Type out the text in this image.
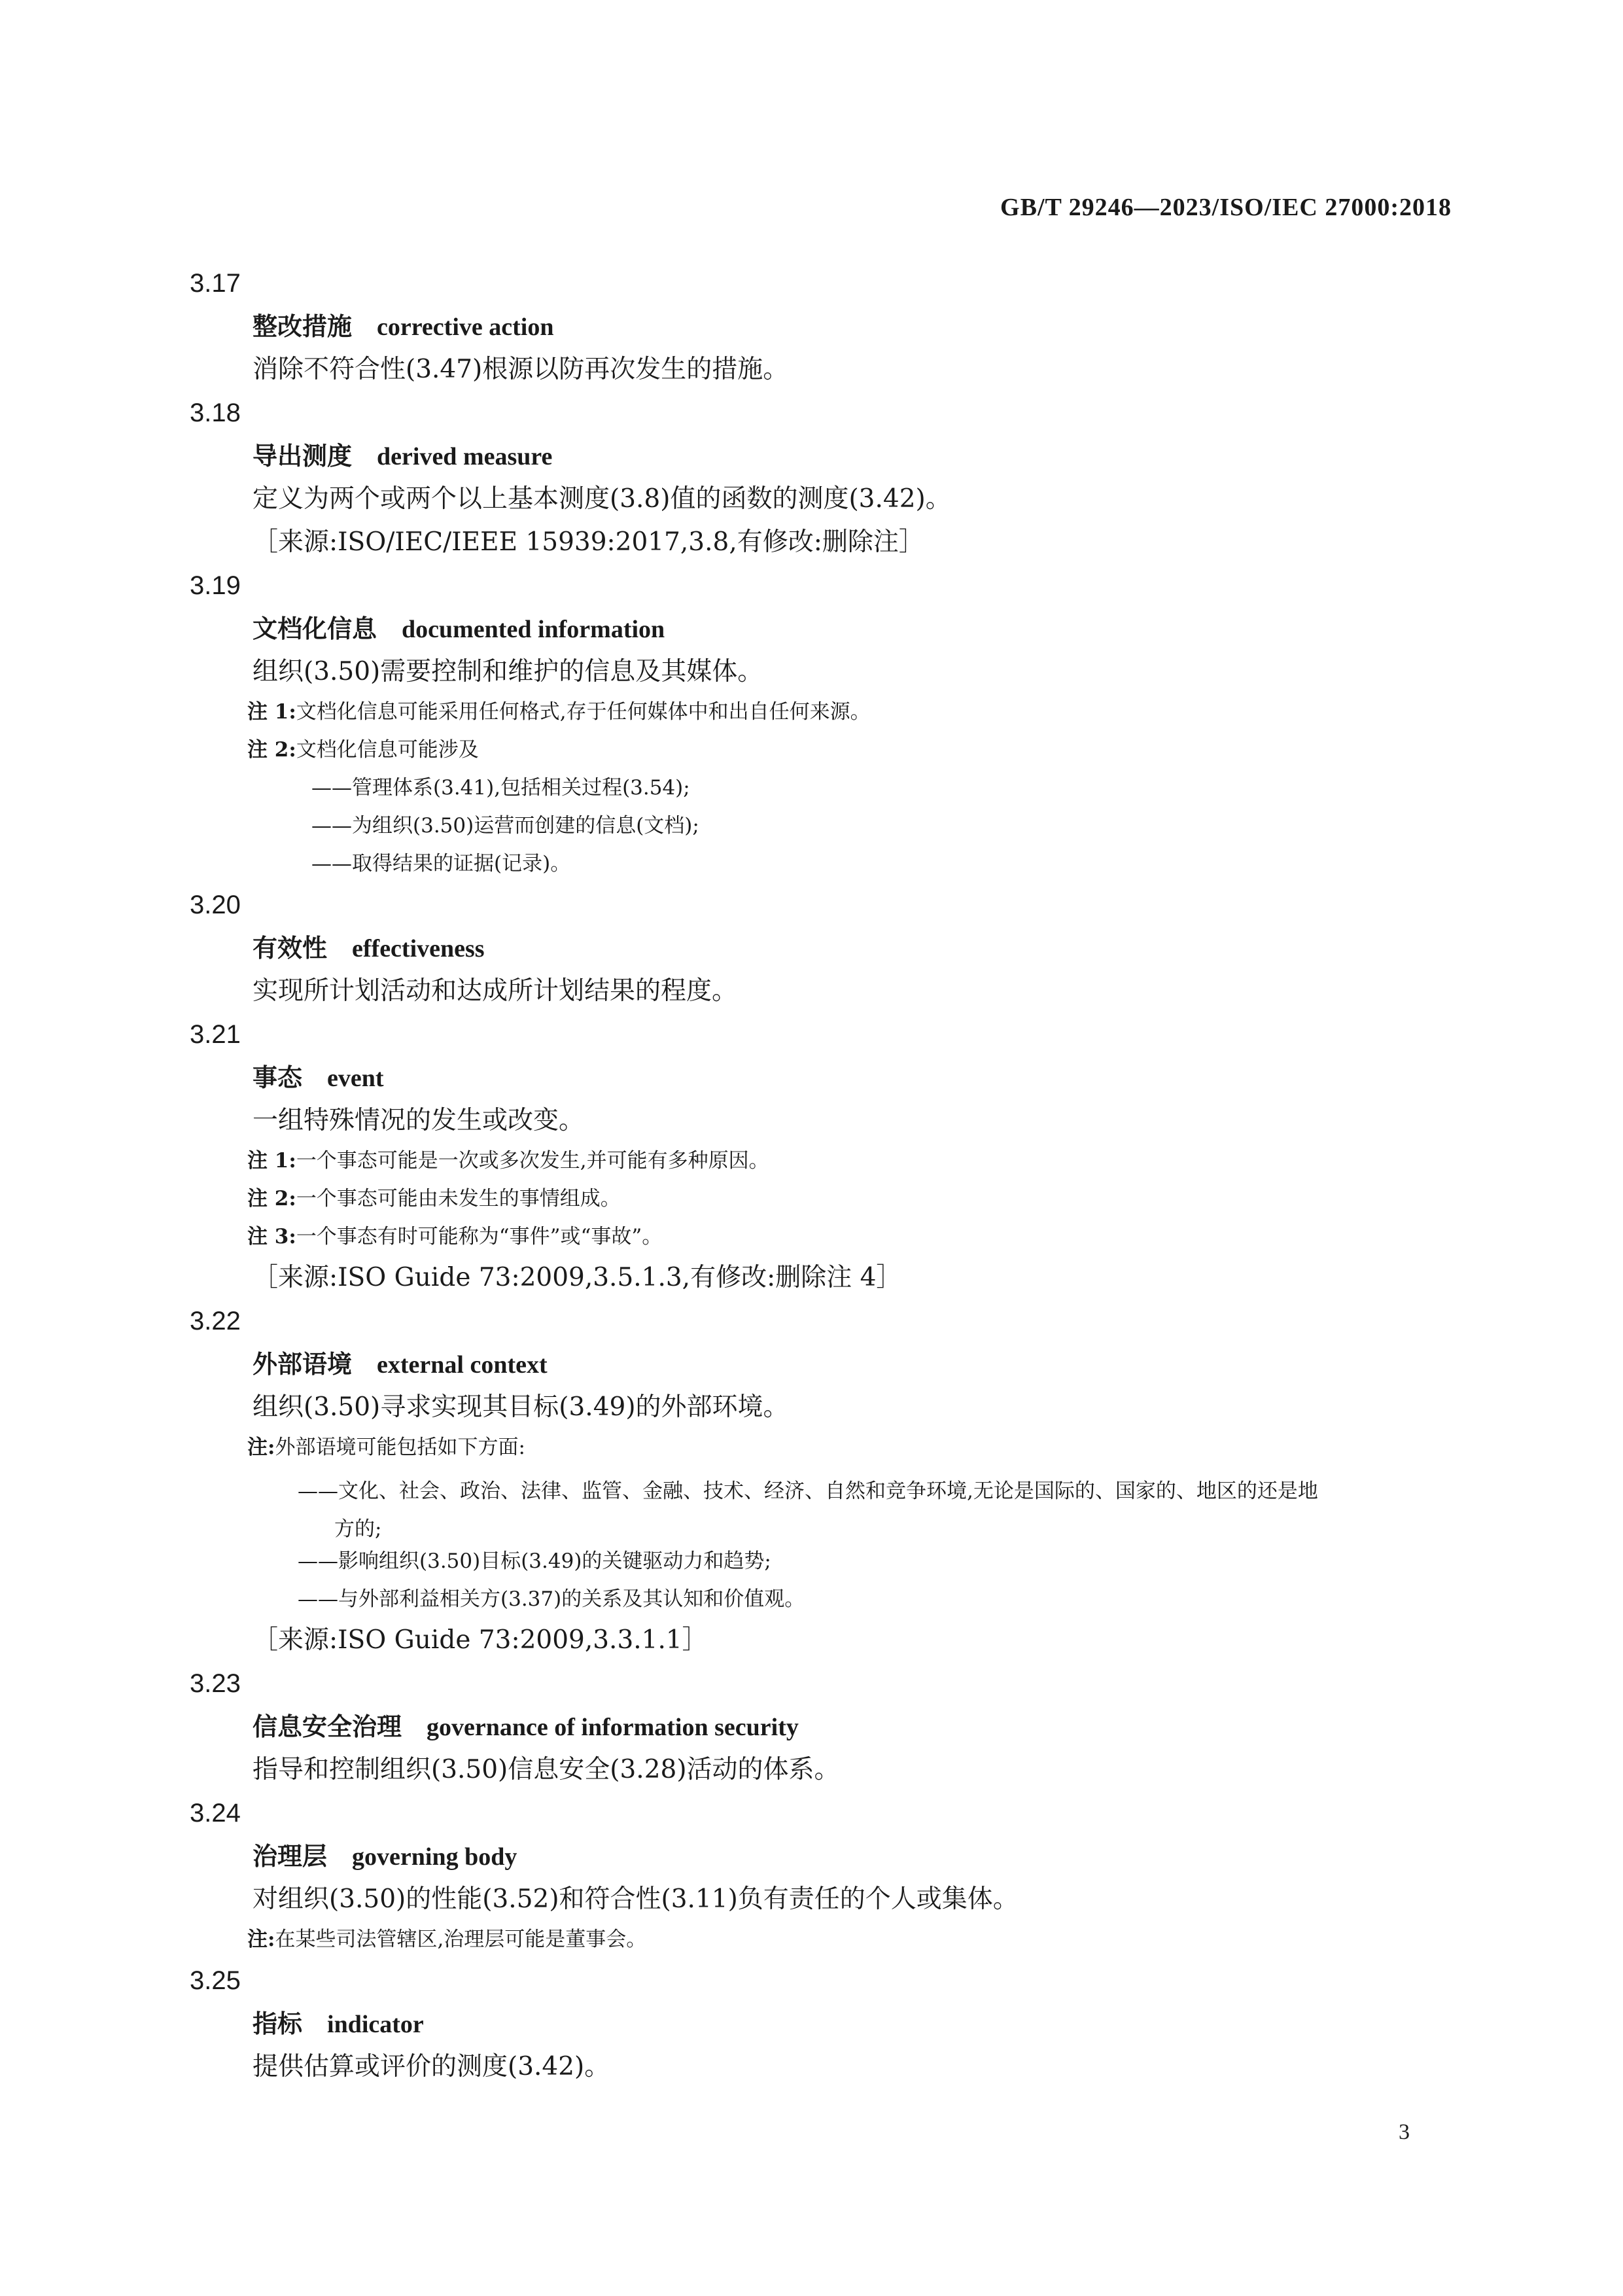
GB/T 29246—2023/ISO/IEC 27000:2018
3.17
整改措施 corrective action
消除不符合性(3.47)根源以防再次发生的措施。
3.18
导出测度 derived measure
定义为两个或两个以上基本测度(3.8)值的函数的测度(3.42)。
［来源:ISO/IEC/IEEE 15939:2017,3.8,有修改:删除注］
3.19
文档化信息 documented information
组织(3.50)需要控制和维护的信息及其媒体。
注 1:文档化信息可能采用任何格式,存于任何媒体中和出自任何来源。
注 2:文档化信息可能涉及
——管理体系(3.41),包括相关过程(3.54);
——为组织(3.50)运营而创建的信息(文档);
——取得结果的证据(记录)。
3.20
有效性 effectiveness
实现所计划活动和达成所计划结果的程度。
3.21
事态 event
一组特殊情况的发生或改变。
注 1:一个事态可能是一次或多次发生,并可能有多种原因。
注 2:一个事态可能由未发生的事情组成。
注 3:一个事态有时可能称为“事件”或“事故”。
［来源:ISO Guide 73:2009,3.5.1.3,有修改:删除注 4］
3.22
外部语境 external context
组织(3.50)寻求实现其目标(3.49)的外部环境。
注:外部语境可能包括如下方面:
——文化、社会、政治、法律、监管、金融、技术、经济、自然和竞争环境,无论是国际的、国家的、地区的还是地
方的;
——影响组织(3.50)目标(3.49)的关键驱动力和趋势;
——与外部利益相关方(3.37)的关系及其认知和价值观。
［来源:ISO Guide 73:2009,3.3.1.1］
3.23
信息安全治理 governance of information security
指导和控制组织(3.50)信息安全(3.28)活动的体系。
3.24
治理层 governing body
对组织(3.50)的性能(3.52)和符合性(3.11)负有责任的个人或集体。
注:在某些司法管辖区,治理层可能是董事会。
3.25
指标 indicator
提供估算或评价的测度(3.42)。
3
